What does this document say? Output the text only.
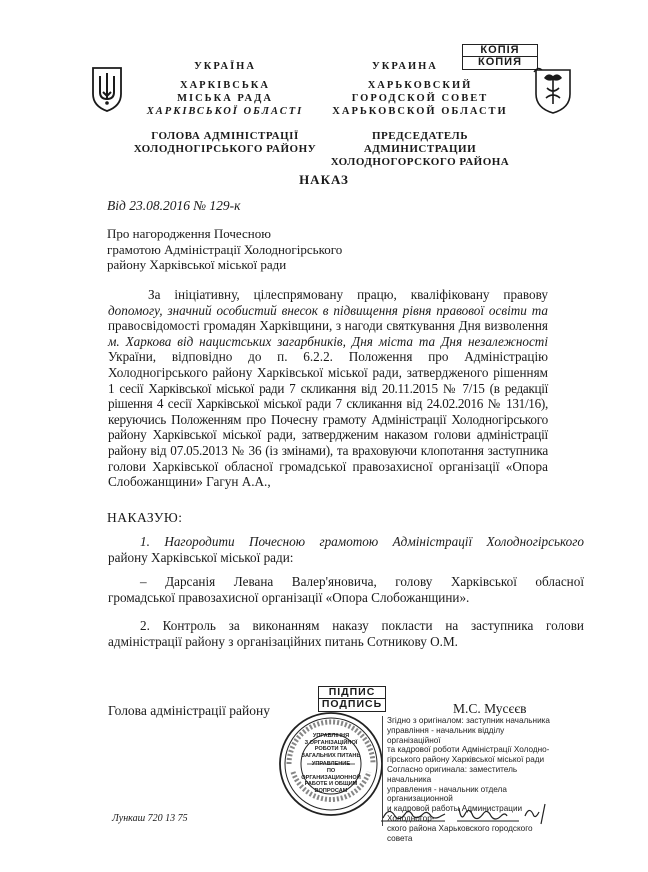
УКРАЇНА
ХАРКІВСЬКА
МІСЬКА РАДА
ХАРКІВСЬКОЇ ОБЛАСТІ
ГОЛОВА АДМІНІСТРАЦІЇ
ХОЛОДНОГІРСЬКОГО РАЙОНУ
УКРАИНА
ХАРЬКОВСКИЙ
ГОРОДСКОЙ СОВЕТ
ХАРЬКОВСКОЙ ОБЛАСТИ
ПРЕДСЕДАТЕЛЬ АДМИНИСТРАЦИИ
ХОЛОДНОГОРСКОГО РАЙОНА
КОПІЯ
КОПИЯ
НАКАЗ
Від 23.08.2016 № 129-к
Про нагородження Почесною
грамотою Адміністрації Холодногірського
району Харківської міської ради
За ініціативну, цілеспрямовану працю, кваліфіковану правову
допомогу, значний особистий внесок в підвищення рівня правової освіти та
правосвідомості громадян Харківщини, з нагоди святкування Дня визволення
м. Харкова від нацистських загарбників, Дня міста та Дня незалежності
України, відповідно до п. 6.2.2. Положення про Адміністрацію
Холодногірського району Харківської міської ради, затвердженого рішенням
1 сесії Харківської міської ради 7 скликання від 20.11.2015 № 7/15 (в редакції
рішення 4 сесії Харківської міської ради 7 скликання від 24.02.2016 № 131/16),
керуючись Положенням про Почесну грамоту Адміністрації Холодногірського
району Харківської міської ради, затвердженим наказом голови адміністрації
району від 07.05.2013 № 36 (із змінами), та враховуючи клопотання заступника
голови Харківської обласної громадської правозахисної організації «Опора
Слобожанщини» Гагун А.А.,
НАКАЗУЮ:
1. Нагородити Почесною грамотою Адміністрації Холодногірського
району Харківської міської ради:
– Дарсанія Левана Валер'яновича, голову Харківської обласної
громадської правозахисної організації «Опора Слобожанщини».
2. Контроль за виконанням наказу покласти на заступника голови
адміністрації району з організаційних питань Сотникову О.М.
Голова адміністрації району	М.С. Мусєєв
ПІДПИС
ПОДПИСЬ
УПРАВЛІННЯ
З ОРГАНІЗАЦІЙНОЇ
РОБОТИ ТА
ЗАГАЛЬНИХ ПИТАНЬ
УПРАВЛЕНИЕ
ПО ОРГАНИЗАЦИОННОЙ
РАБОТЕ И ОБЩИМ
ВОПРОСАМ
Згідно з оригіналом: заступник начальника
управління - начальник відділу організаційної
та кадрової роботи Адміністрації Холодно-
гірського району Харківської міської ради
Согласно оригинала: заместитель начальника
управления - начальник отдела организационной
и кадровой работы Администрации Холодногор-
ского района Харьковского городского совета
Лункаш 720 13 75
